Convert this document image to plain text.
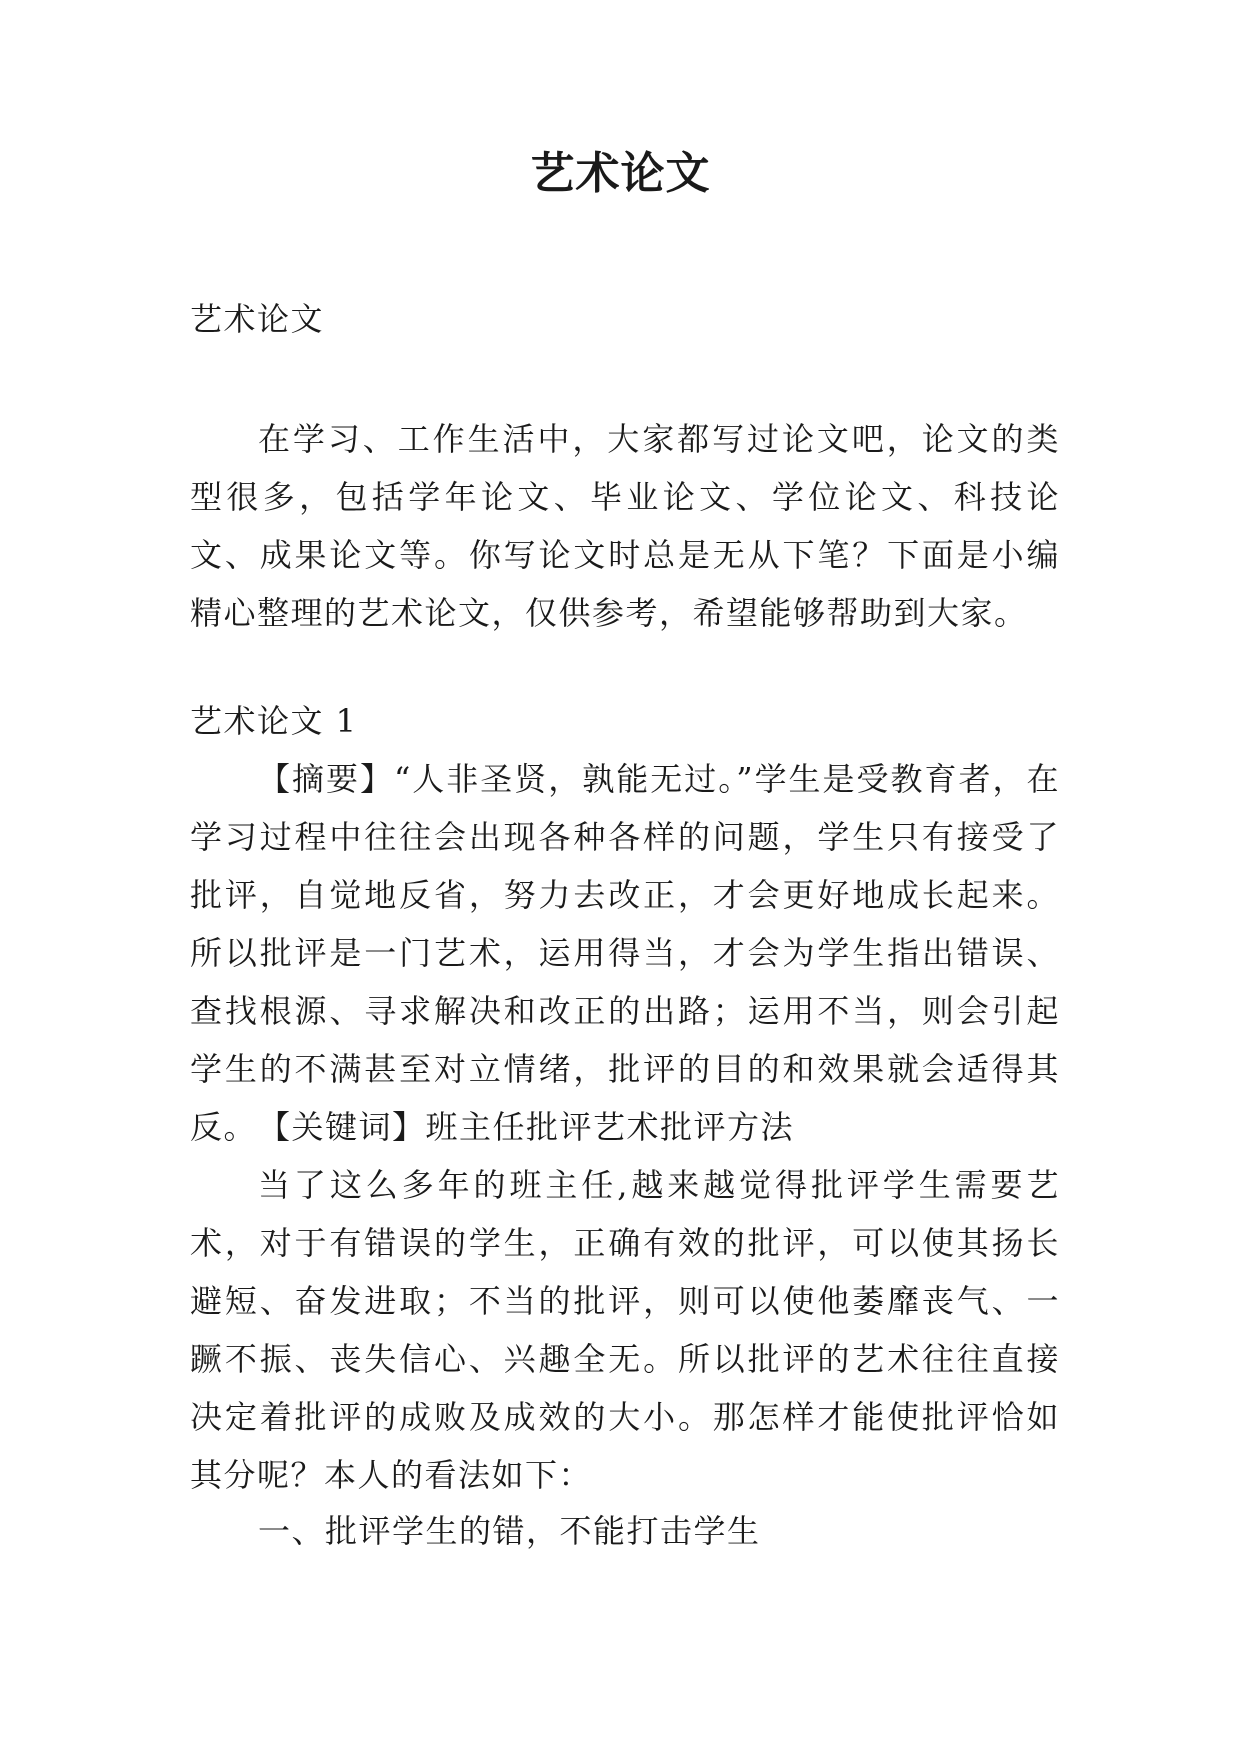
艺术论文

艺术论文

在学习、工作生活中，大家都写过论文吧，论文的类型很多，包括学年论文、毕业论文、学位论文、科技论文、成果论文等。你写论文时总是无从下笔？下面是小编精心整理的艺术论文，仅供参考，希望能够帮助到大家。

艺术论文 1

【摘要】“人非圣贤，孰能无过。”学生是受教育者，在学习过程中往往会出现各种各样的问题，学生只有接受了批评，自觉地反省，努力去改正，才会更好地成长起来。所以批评是一门艺术，运用得当，才会为学生指出错误、查找根源、寻求解决和改正的出路；运用不当，则会引起学生的不满甚至对立情绪，批评的目的和效果就会适得其反。 【关键词】班主任批评艺术批评方法

当了这么多年的班主任,越来越觉得批评学生需要艺术，对于有错误的学生，正确有效的批评，可以使其扬长避短、奋发进取；不当的批评，则可以使他萎靡丧气、一蹶不振、丧失信心、兴趣全无。所以批评的艺术往往直接决定着批评的成败及成效的大小。那怎样才能使批评恰如其分呢？本人的看法如下：

一、批评学生的错，不能打击学生
